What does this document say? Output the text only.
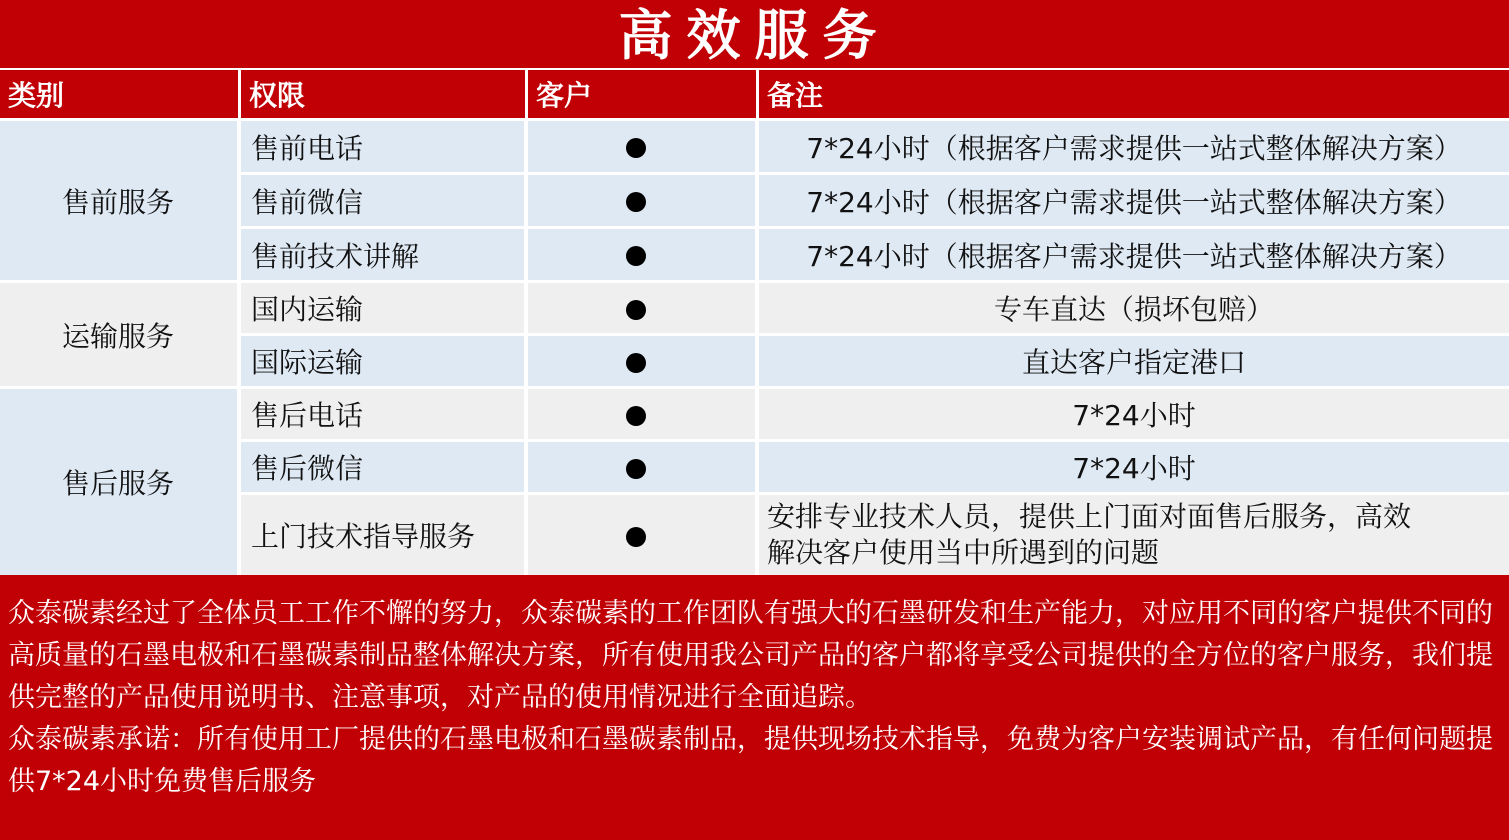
高效服务
类别	权限	客户	备注
售前服务	售前电话		7*24小时（根据客户需求提供一站式整体解决方案）
	售前微信		7*24小时（根据客户需求提供一站式整体解决方案）
	售前技术讲解		7*24小时（根据客户需求提供一站式整体解决方案）
运输服务	国内运输		专车直达（损坏包赔）
	国际运输		直达客户指定港口
售后服务	售后电话		7*24小时
	售后微信		7*24小时
	上门技术指导服务		安排专业技术人员，提供上门面对面售后服务，高效
解决客户使用当中所遇到的问题

众泰碳素经过了全体员工工作不懈的努力，众泰碳素的工作团队有强大的石墨研发和生产能力，对应用不同的客户提供不同的高质量的石墨电极和石墨碳素制品整体解决方案，所有使用我公司产品的客户都将享受公司提供的全方位的客户服务，我们提供完整的产品使用说明书、注意事项，对产品的使用情况进行全面追踪。

众泰碳素承诺：所有使用工厂提供的石墨电极和石墨碳素制品，提供现场技术指导，免费为客户安装调试产品，有任何问题提供7*24小时免费售后服务
